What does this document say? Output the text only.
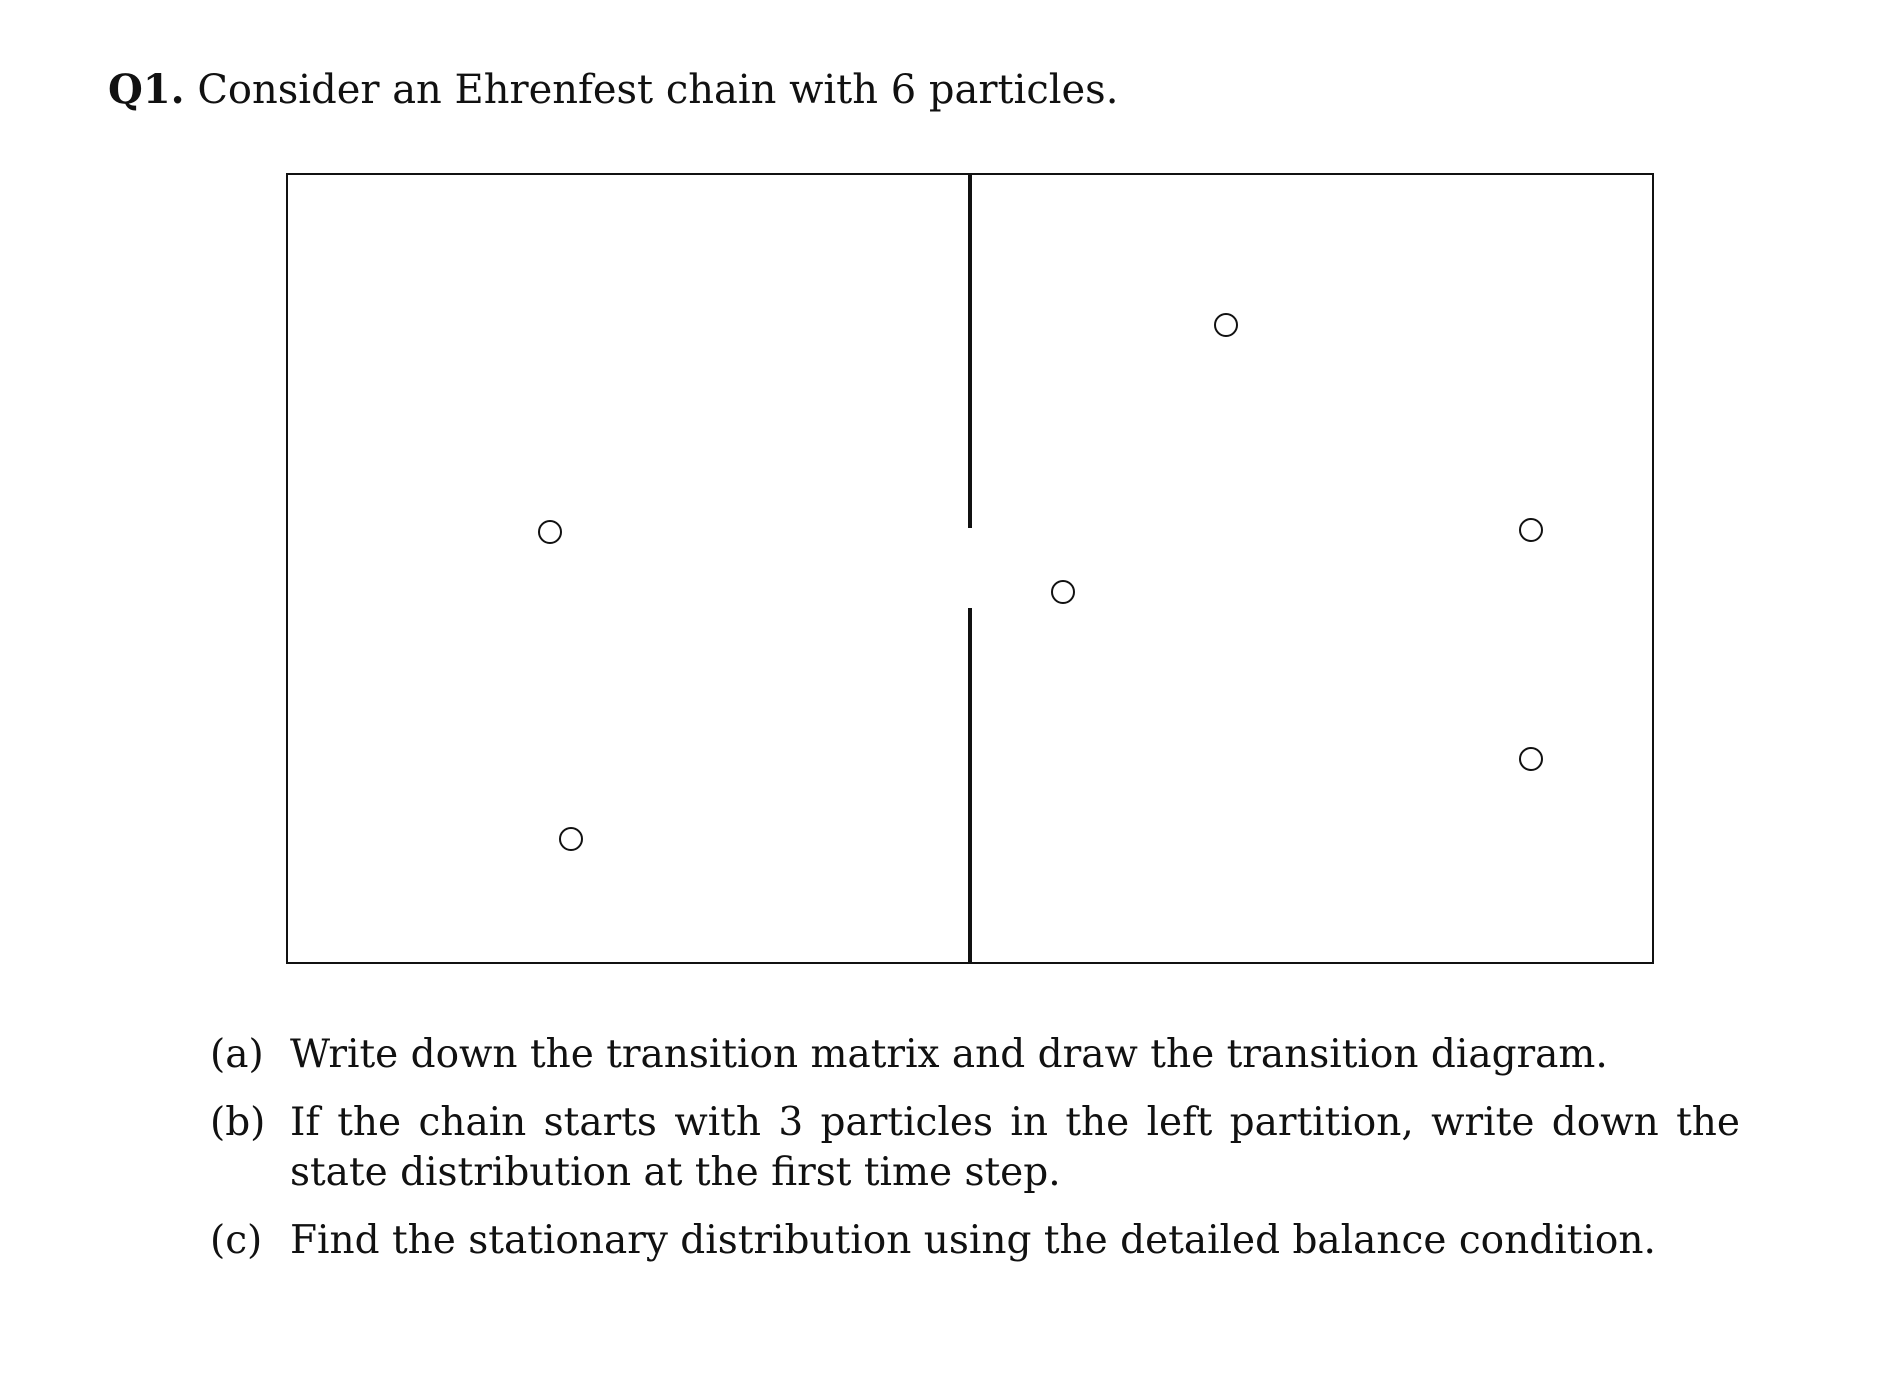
Q1. Consider an Ehrenfest chain with 6 particles.
(a) Write down the transition matrix and draw the transition diagram.
(b) If the chain starts with 3 particles in the left partition, write down the state distribution at the first time step.
(c) Find the stationary distribution using the detailed balance condition.
